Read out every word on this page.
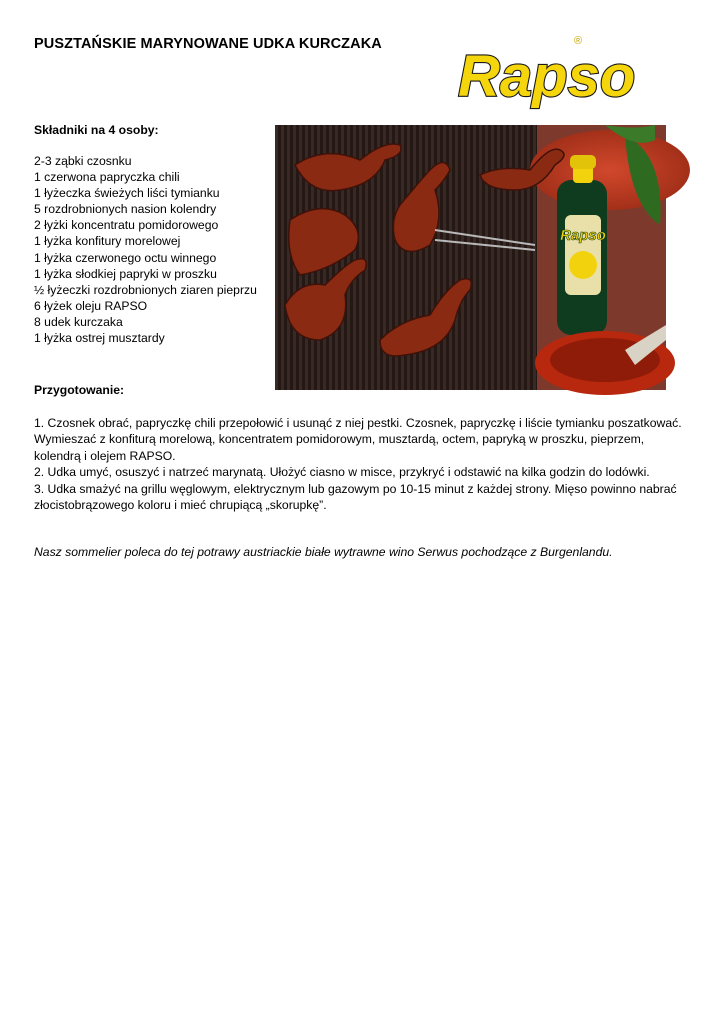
PUSZTAŃSKIE MARYNOWANE UDKA KURCZAKA Rapso
®
Składniki na 4 osoby:
2-3 ząbki czosnku
1 czerwona papryczka chili
1 łyżeczka świeżych liści tymianku
5 rozdrobnionych nasion kolendry
2 łyżki koncentratu pomidorowego
1 łyżka konfitury morelowej
1 łyżka czerwonego octu winnego
1 łyżka słodkiej papryki w proszku
½ łyżeczki rozdrobnionych ziaren pieprzu
6 łyżek oleju RAPSO
8 udek kurczaka
1 łyżka ostrej musztardy
Rapso
Przygotowanie:

1. Czosnek obrać, papryczkę chili przepołowić i usunąć z niej pestki. Czosnek, papryczkę i liście tymianku poszatkować. Wymieszać z konfiturą morelową, koncentratem pomidorowym, musztardą, octem, papryką w proszku, pieprzem, kolendrą i olejem RAPSO.

2. Udka umyć, osuszyć i natrzeć marynatą. Ułożyć ciasno w misce, przykryć i odstawić na kilka godzin do lodówki.

3. Udka smażyć na grillu węglowym, elektrycznym lub gazowym po 10-15 minut z każdej strony. Mięso powinno nabrać złocistobrązowego koloru i mieć chrupiącą „skorupkę”.

Nasz sommelier poleca do tej potrawy austriackie białe wytrawne wino Serwus pochodzące z Burgenlandu.
